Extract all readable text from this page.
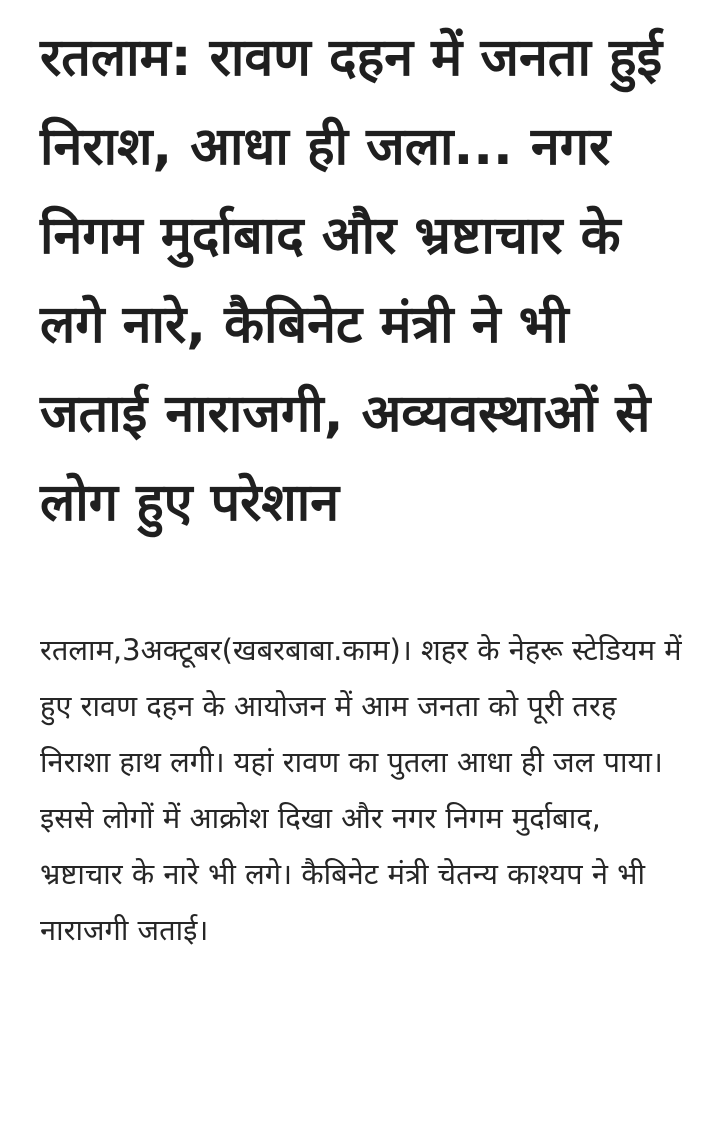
रतलाम: रावण दहन में जनता हुई निराश, आधा ही जला... नगर निगम मुर्दाबाद और भ्रष्टाचार के लगे नारे, कैबिनेट मंत्री ने भी जताई नाराजगी, अव्यवस्थाओं से लोग हुए परेशान

रतलाम,3अक्टूबर(खबरबाबा.काम)। शहर के नेहरू स्टेडियम में हुए रावण दहन के आयोजन में आम जनता को पूरी तरह निराशा हाथ लगी। यहां रावण का पुतला आधा ही जल पाया। इससे लोगों में आक्रोश दिखा और नगर निगम मुर्दाबाद, भ्रष्टाचार के नारे भी लगे। कैबिनेट मंत्री चेतन्य काश्यप ने भी नाराजगी जताई।
